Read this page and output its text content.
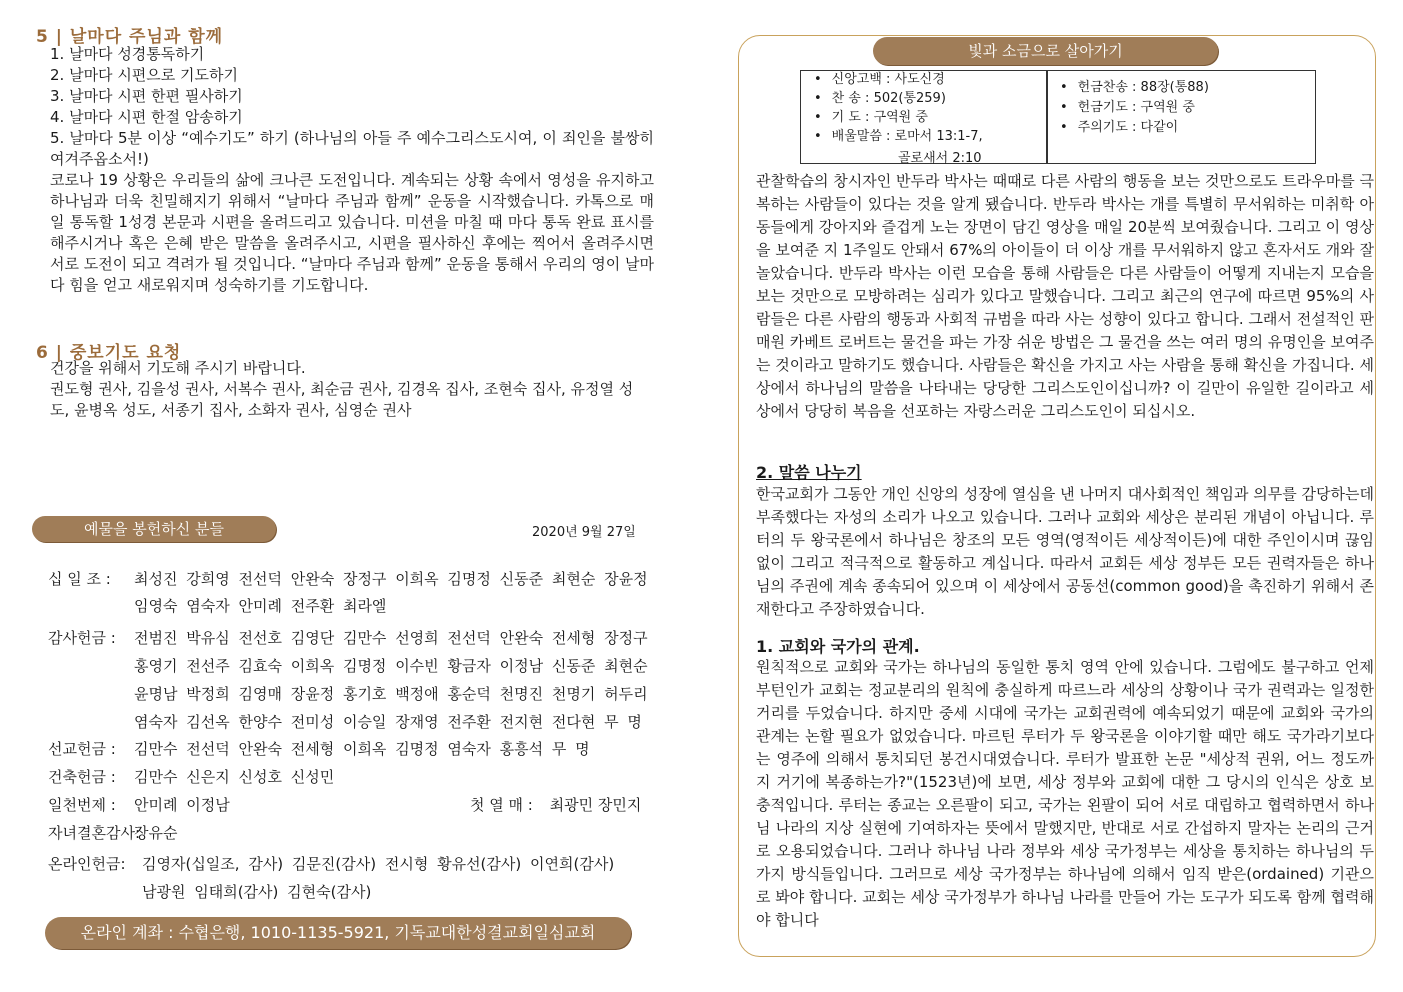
5 | 날마다 주님과 함께
1. 날마다 성경통독하기
2. 날마다 시편으로 기도하기
3. 날마다 시편 한편 필사하기
4. 날마다 시편 한절 암송하기
5. 날마다 5분 이상 “예수기도” 하기 (하나님의 아들 주 예수그리스도시여, 이 죄인을 불쌍히 여겨주옵소서!)
코로나 19 상황은 우리들의 삶에 크나큰 도전입니다. 계속되는 상황 속에서 영성을 유지하고 하나님과 더욱 친밀해지기 위해서 “날마다 주님과 함께” 운동을 시작했습니다. 카톡으로 매일 통독할 1성경 본문과 시편을 올려드리고 있습니다. 미션을 마칠 때 마다 통독 완료 표시를 해주시거나 혹은 은혜 받은 말씀을 올려주시고, 시편을 필사하신 후에는 찍어서 올려주시면 서로 도전이 되고 격려가 될 것입니다. “날마다 주님과 함께” 운동을 통해서 우리의 영이 날마다 힘을 얻고 새로워지며 성숙하기를 기도합니다.
6 | 중보기도 요청
건강을 위해서 기도해 주시기 바랍니다.
권도형 권사, 김을성 권사, 서복수 권사, 최순금 권사, 김경옥 집사, 조현숙 집사, 유정열 성도, 윤병옥 성도, 서종기 집사, 소화자 권사, 심영순 권사
예물을 봉헌하신 분들	2020년 9월 27일
십 일 조 : 최성진 강희영 전선덕 안완숙 장정구 이희옥 김명정 신동준 최현순 장윤정
임영숙 염숙자 안미례 전주환 최라엘
감사헌금 : 전범진 박유심 전선호 김영단 김만수 선영희 전선덕 안완숙 전세형 장정구
홍영기 전선주 김효숙 이희옥 김명정 이수빈 황금자 이정남 신동준 최현순
윤명남 박정희 김영매 장윤정 홍기호 백정애 홍순덕 천명진 천명기 허두리
염숙자 김선옥 한양수 전미성 이승일 장재영 전주환 전지현 전다현 무 명
선교헌금 : 김만수 전선덕 안완숙 전세형 이희옥 김명정 염숙자 홍흥석 무 명
건축헌금 : 김만수 신은지 신성호 신성민
일천번제 : 안미례 이정남	첫 열 매 : 최광민 장민지
자녀결혼감사:장유순
온라인헌금: 김영자(십일조, 감사) 김문진(감사) 전시형 황유선(감사) 이연희(감사)
남광원 임태희(감사) 김현숙(감사)
온라인 계좌 : 수협은행, 1010-1135-5921, 기독교대한성결교회일심교회
빛과 소금으로 살아가기
• 신앙고백 : 사도신경
• 찬 송 : 502(통259)
• 기 도 : 구역원 중
• 배울말씀 : 로마서 13:1-7,
골로새서 2:10
• 헌금찬송 : 88장(통88)
• 헌금기도 : 구역원 중
• 주의기도 : 다같이
관찰학습의 창시자인 반두라 박사는 때때로 다른 사람의 행동을 보는 것만으로도 트라우마를 극복하는 사람들이 있다는 것을 알게 됐습니다. 반두라 박사는 개를 특별히 무서워하는 미취학 아동들에게 강아지와 즐겁게 노는 장면이 담긴 영상을 매일 20분씩 보여줬습니다. 그리고 이 영상을 보여준 지 1주일도 안돼서 67%의 아이들이 더 이상 개를 무서워하지 않고 혼자서도 개와 잘 놀았습니다. 반두라 박사는 이런 모습을 통해 사람들은 다른 사람들이 어떻게 지내는지 모습을 보는 것만으로 모방하려는 심리가 있다고 말했습니다. 그리고 최근의 연구에 따르면 95%의 사람들은 다른 사람의 행동과 사회적 규범을 따라 사는 성향이 있다고 합니다. 그래서 전설적인 판매원 카베트 로버트는 물건을 파는 가장 쉬운 방법은 그 물건을 쓰는 여러 명의 유명인을 보여주는 것이라고 말하기도 했습니다. 사람들은 확신을 가지고 사는 사람을 통해 확신을 가집니다. 세상에서 하나님의 말씀을 나타내는 당당한 그리스도인이십니까? 이 길만이 유일한 길이라고 세상에서 당당히 복음을 선포하는 자랑스러운 그리스도인이 되십시오.
2. 말씀 나누기
한국교회가 그동안 개인 신앙의 성장에 열심을 낸 나머지 대사회적인 책임과 의무를 감당하는데 부족했다는 자성의 소리가 나오고 있습니다. 그러나 교회와 세상은 분리된 개념이 아닙니다. 루터의 두 왕국론에서 하나님은 창조의 모든 영역(영적이든 세상적이든)에 대한 주인이시며 끊임없이 그리고 적극적으로 활동하고 계십니다. 따라서 교회든 세상 정부든 모든 권력자들은 하나님의 주권에 계속 종속되어 있으며 이 세상에서 공동선(common good)을 촉진하기 위해서 존재한다고 주장하였습니다.
1. 교회와 국가의 관계.
원칙적으로 교회와 국가는 하나님의 동일한 통치 영역 안에 있습니다. 그럼에도 불구하고 언제부턴인가 교회는 정교분리의 원칙에 충실하게 따르느라 세상의 상황이나 국가 권력과는 일정한 거리를 두었습니다. 하지만 중세 시대에 국가는 교회권력에 예속되었기 때문에 교회와 국가의 관계는 논할 필요가 없었습니다. 마르틴 루터가 두 왕국론을 이야기할 때만 해도 국가라기보다는 영주에 의해서 통치되던 봉건시대였습니다. 루터가 발표한 논문 "세상적 권위, 어느 정도까지 거기에 복종하는가?"(1523년)에 보면, 세상 정부와 교회에 대한 그 당시의 인식은 상호 보충적입니다. 루터는 종교는 오른팔이 되고, 국가는 왼팔이 되어 서로 대립하고 협력하면서 하나님 나라의 지상 실현에 기여하자는 뜻에서 말했지만, 반대로 서로 간섭하지 말자는 논리의 근거로 오용되었습니다. 그러나 하나님 나라 정부와 세상 국가정부는 세상을 통치하는 하나님의 두 가지 방식들입니다. 그러므로 세상 국가정부는 하나님에 의해서 임직 받은(ordained) 기관으로 봐야 합니다. 교회는 세상 국가정부가 하나님 나라를 만들어 가는 도구가 되도록 함께 협력해야 합니다
